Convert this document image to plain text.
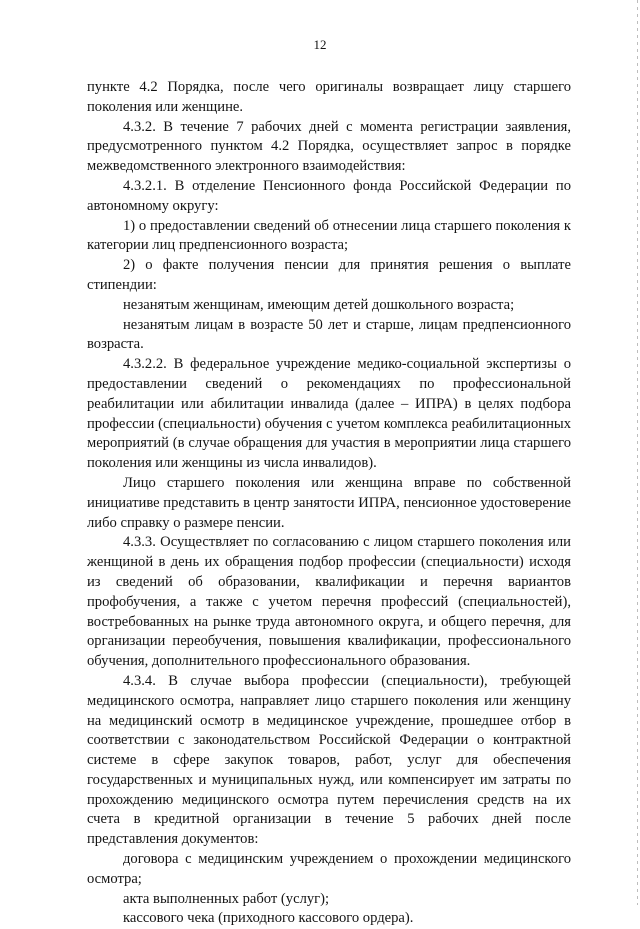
12

пункте 4.2 Порядка, после чего оригиналы возвращает лицу старшего поколения или женщине.

4.3.2. В течение 7 рабочих дней с момента регистрации заявления, предусмотренного пунктом 4.2 Порядка, осуществляет запрос в порядке межведомственного электронного взаимодействия:

4.3.2.1. В отделение Пенсионного фонда Российской Федерации по автономному округу:

1) о предоставлении сведений об отнесении лица старшего поколения к категории лиц предпенсионного возраста;

2) о факте получения пенсии для принятия решения о выплате стипендии:

незанятым женщинам, имеющим детей дошкольного возраста;

незанятым лицам в возрасте 50 лет и старше, лицам предпенсионного возраста.

4.3.2.2. В федеральное учреждение медико-социальной экспертизы о предоставлении сведений о рекомендациях по профессиональной реабилитации или абилитации инвалида (далее – ИПРА) в целях подбора профессии (специальности) обучения с учетом комплекса реабилитационных мероприятий (в случае обращения для участия в мероприятии лица старшего поколения или женщины из числа инвалидов).

Лицо старшего поколения или женщина вправе по собственной инициативе представить в центр занятости ИПРА, пенсионное удостоверение либо справку о размере пенсии.

4.3.3. Осуществляет по согласованию с лицом старшего поколения или женщиной в день их обращения подбор профессии (специальности) исходя из сведений об образовании, квалификации и перечня вариантов профобучения, а также с учетом перечня профессий (специальностей), востребованных на рынке труда автономного округа, и общего перечня, для организации переобучения, повышения квалификации, профессионального обучения, дополнительного профессионального образования.

4.3.4. В случае выбора профессии (специальности), требующей медицинского осмотра, направляет лицо старшего поколения или женщину на медицинский осмотр в медицинское учреждение, прошедшее отбор в соответствии с законодательством Российской Федерации о контрактной системе в сфере закупок товаров, работ, услуг для обеспечения государственных и муниципальных нужд, или компенсирует им затраты по прохождению медицинского осмотра путем перечисления средств на их счета в кредитной организации в течение 5 рабочих дней после представления документов:

договора с медицинским учреждением о прохождении медицинского осмотра;

акта выполненных работ (услуг);

кассового чека (приходного кассового ордера).
